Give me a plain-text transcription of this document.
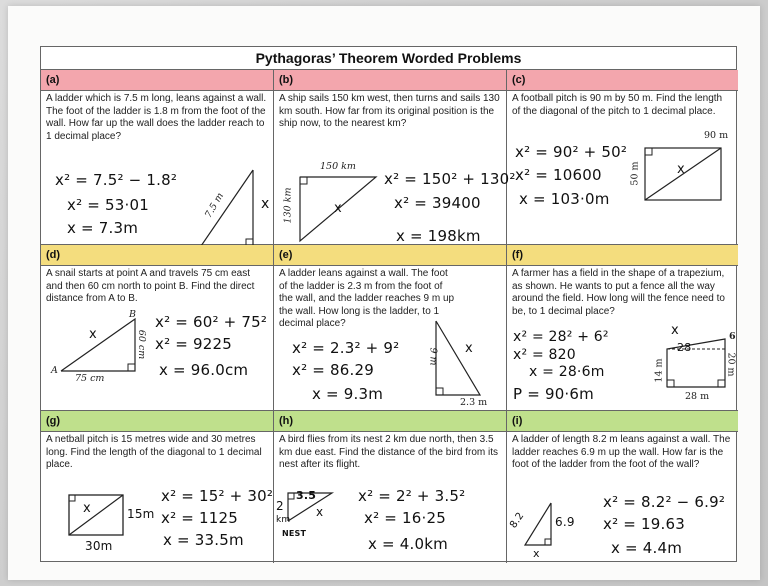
Pythagoras’ Theorem Worded Problems
(a)
A ladder which is 7.5 m long, leans against a wall. The foot of the ladder is 1.8 m from the foot of the wall. How far up the wall does the ladder reach to 1 decimal place?
x² = 7.5² − 1.8²
x² = 53·01
x = 7.3m
7.5 m x
(b)
A ship sails 150 km west, then turns and sails 130 km south. How far from its original position is the ship now, to the nearest km?
150 km
130 km	x
x² = 150² + 130²
x² = 39400
x = 198km
(c)
A football pitch is 90 m by 50 m. Find the length of the diagonal of the pitch to 1 decimal place.
90 m
50 m	x
x² = 90² + 50²
x² = 10600
x = 103·0m
(d)
A snail starts at point A and travels 75 cm east and then 60 cm north to point B. Find the direct distance from A to B.
A
B
75 cm
60 cm
x
x² = 60² + 75²
x² = 9225
x = 96.0cm
(e)
A ladder leans against a wall. The foot of the ladder is 2.3 m from the foot of the wall, and the ladder reaches 9 m up the wall. How long is the ladder, to 1 decimal place?
x² = 2.3² + 9²
x² = 86.29
x = 9.3m
9 m x
2.3 m
(f)
A farmer has a field in the shape of a trapezium, as shown. He wants to put a fence all the way around the field. How long will the fence need to be, to 1 decimal place?
x² = 28² + 6²
x² = 820
x = 28·6m
P = 90·6m
x
28
6
20 m
14 m
28 m
(g)
A netball pitch is 15 metres wide and 30 metres long. Find the length of the diagonal to 1 decimal place.
x	15m
30m
x² = 15² + 30²
x² = 1125
x = 33.5m
(h)
A bird flies from its nest 2 km due north, then 3.5 km due east. Find the distance of the bird from its nest after its flight.
3.5
2
km
NEST
x
x² = 2² + 3.5²
x² = 16·25
x = 4.0km
(i)
A ladder of length 8.2 m leans against a wall. The ladder reaches 6.9 m up the wall. How far is the foot of the ladder from the foot of the wall?
8.2 6.9
x
x² = 8.2² − 6.9²
x² = 19.63
x = 4.4m
